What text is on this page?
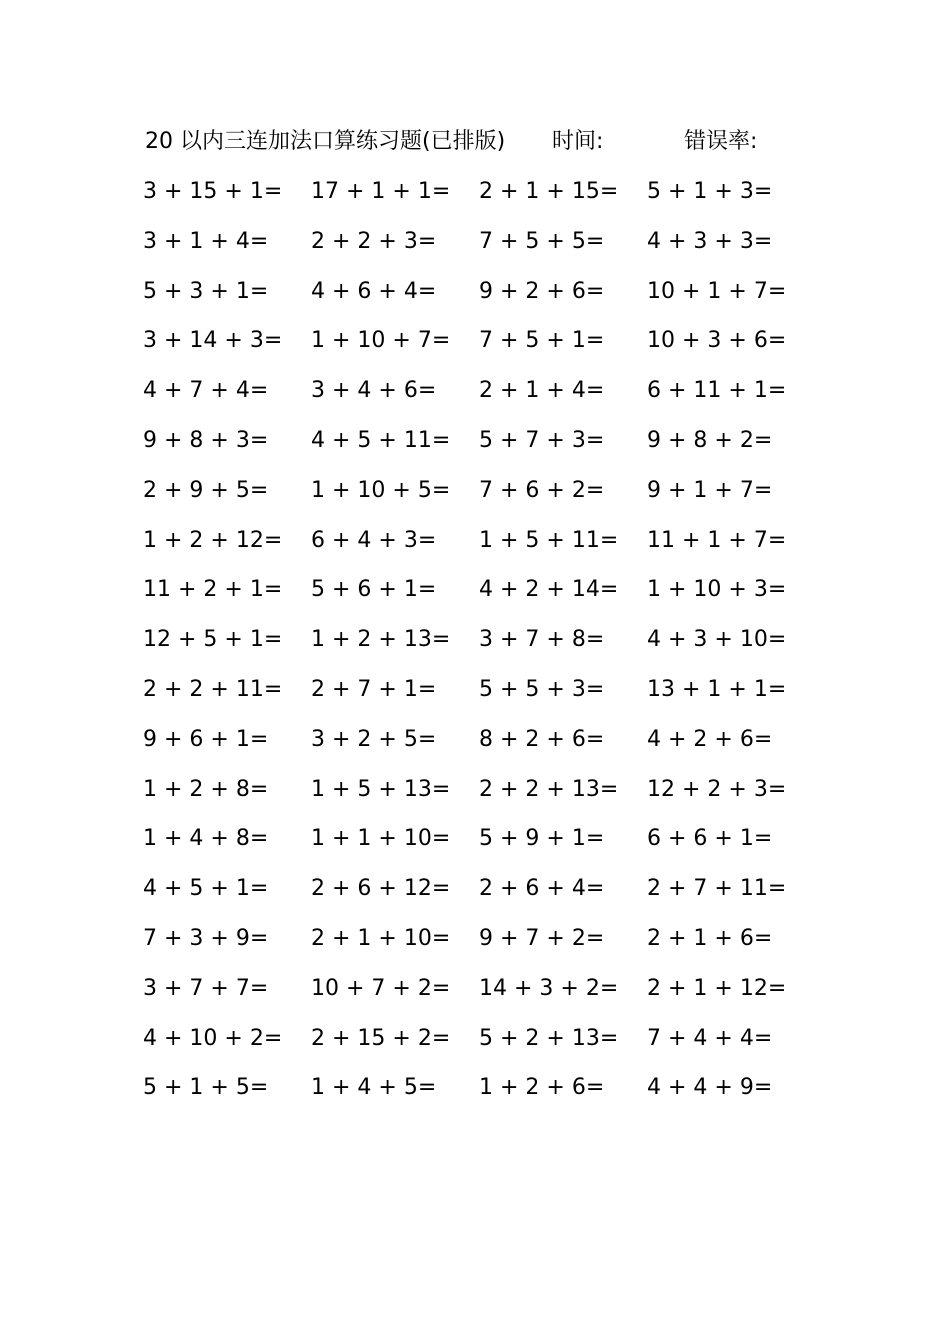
20 以内三连加法口算练习题(已排版) 时间:	错误率:
3 + 15 + 1=	17 + 1 + 1=	2 + 1 + 15=	5 + 1 + 3=
3 + 1 + 4=	2 + 2 + 3=	7 + 5 + 5=	4 + 3 + 3=
5 + 3 + 1=	4 + 6 + 4=	9 + 2 + 6=	10 + 1 + 7=
3 + 14 + 3=	1 + 10 + 7=	7 + 5 + 1=	10 + 3 + 6=
4 + 7 + 4=	3 + 4 + 6=	2 + 1 + 4=	6 + 11 + 1=
9 + 8 + 3=	4 + 5 + 11=	5 + 7 + 3=	9 + 8 + 2=
2 + 9 + 5=	1 + 10 + 5=	7 + 6 + 2=	9 + 1 + 7=
1 + 2 + 12=	6 + 4 + 3=	1 + 5 + 11=	11 + 1 + 7=
11 + 2 + 1=	5 + 6 + 1=	4 + 2 + 14=	1 + 10 + 3=
12 + 5 + 1=	1 + 2 + 13=	3 + 7 + 8=	4 + 3 + 10=
2 + 2 + 11=	2 + 7 + 1=	5 + 5 + 3=	13 + 1 + 1=
9 + 6 + 1=	3 + 2 + 5=	8 + 2 + 6=	4 + 2 + 6=
1 + 2 + 8=	1 + 5 + 13=	2 + 2 + 13=	12 + 2 + 3=
1 + 4 + 8=	1 + 1 + 10=	5 + 9 + 1=	6 + 6 + 1=
4 + 5 + 1=	2 + 6 + 12=	2 + 6 + 4=	2 + 7 + 11=
7 + 3 + 9=	2 + 1 + 10=	9 + 7 + 2=	2 + 1 + 6=
3 + 7 + 7=	10 + 7 + 2=	14 + 3 + 2=	2 + 1 + 12=
4 + 10 + 2=	2 + 15 + 2=	5 + 2 + 13=	7 + 4 + 4=
5 + 1 + 5=	1 + 4 + 5=	1 + 2 + 6=	4 + 4 + 9=
